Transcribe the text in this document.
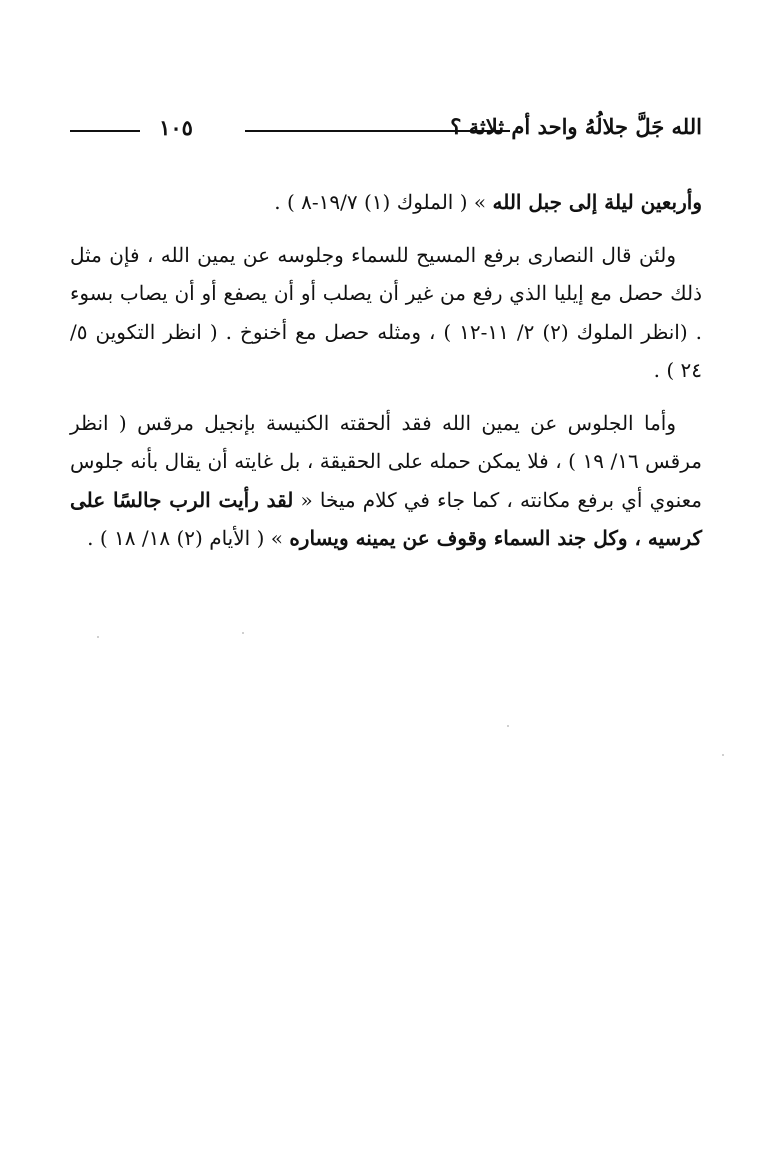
الله جَلَّ جلالُهُ واحد أم ثلاثة ؟
١٠٥

وأربعين ليلة إلى جبل الله » ( الملوك (١) ١٩/٧-٨ ) .

ولئن قال النصارى برفع المسيح للسماء وجلوسه عن يمين الله ، فإن مثل ذلك حصل مع إيليا الذي رفع من غير أن يصلب أو أن يصفع أو أن يصاب بسوء . (انظر الملوك (٢) ٢/ ١١-١٢ ) ، ومثله حصل مع أخنوخ . ( انظر التكوين ٥/ ٢٤ ) .

وأما الجلوس عن يمين الله فقد ألحقته الكنيسة بإنجيل مرقس ( انظر مرقس ١٦/ ١٩ ) ، فلا يمكن حمله على الحقيقة ، بل غايته أن يقال بأنه جلوس معنوي أي برفع مكانته ، كما جاء في كلام ميخا « لقد رأيت الرب جالسًا على كرسيه ، وكل جند السماء وقوف عن يمينه ويساره » ( الأيام (٢) ١٨/ ١٨ ) .
